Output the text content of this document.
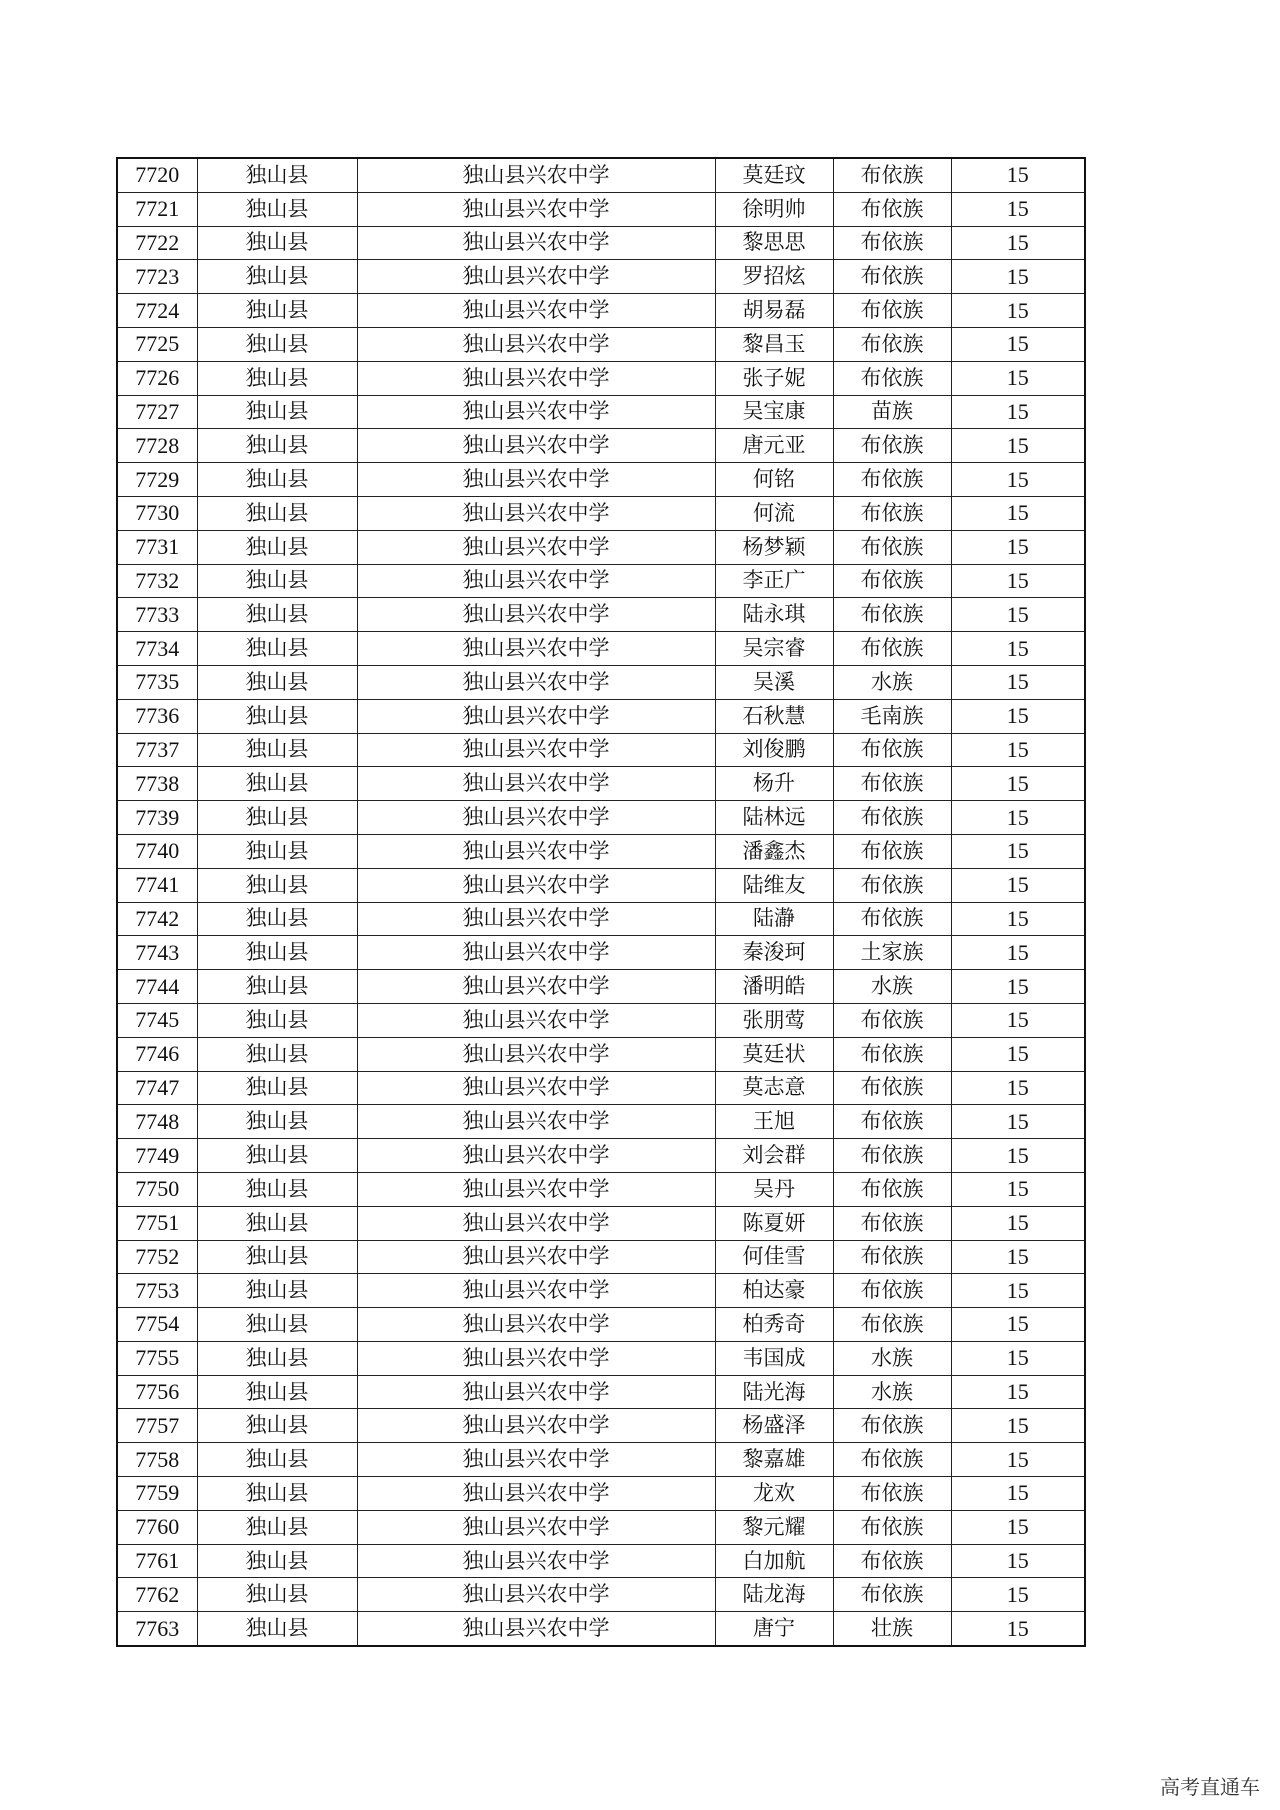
7720	独山县	独山县兴农中学	莫廷玟	布依族	15
7721	独山县	独山县兴农中学	徐明帅	布依族	15
7722	独山县	独山县兴农中学	黎思思	布依族	15
7723	独山县	独山县兴农中学	罗招炫	布依族	15
7724	独山县	独山县兴农中学	胡易磊	布依族	15
7725	独山县	独山县兴农中学	黎昌玉	布依族	15
7726	独山县	独山县兴农中学	张子妮	布依族	15
7727	独山县	独山县兴农中学	吴宝康	苗族	15
7728	独山县	独山县兴农中学	唐元亚	布依族	15
7729	独山县	独山县兴农中学	何铭	布依族	15
7730	独山县	独山县兴农中学	何流	布依族	15
7731	独山县	独山县兴农中学	杨梦颖	布依族	15
7732	独山县	独山县兴农中学	李正广	布依族	15
7733	独山县	独山县兴农中学	陆永琪	布依族	15
7734	独山县	独山县兴农中学	吴宗睿	布依族	15
7735	独山县	独山县兴农中学	吴溪	水族	15
7736	独山县	独山县兴农中学	石秋慧	毛南族	15
7737	独山县	独山县兴农中学	刘俊鹏	布依族	15
7738	独山县	独山县兴农中学	杨升	布依族	15
7739	独山县	独山县兴农中学	陆林远	布依族	15
7740	独山县	独山县兴农中学	潘鑫杰	布依族	15
7741	独山县	独山县兴农中学	陆维友	布依族	15
7742	独山县	独山县兴农中学	陆瀞	布依族	15
7743	独山县	独山县兴农中学	秦浚珂	土家族	15
7744	独山县	独山县兴农中学	潘明皓	水族	15
7745	独山县	独山县兴农中学	张朋莺	布依族	15
7746	独山县	独山县兴农中学	莫廷状	布依族	15
7747	独山县	独山县兴农中学	莫志意	布依族	15
7748	独山县	独山县兴农中学	王旭	布依族	15
7749	独山县	独山县兴农中学	刘会群	布依族	15
7750	独山县	独山县兴农中学	吴丹	布依族	15
7751	独山县	独山县兴农中学	陈夏妍	布依族	15
7752	独山县	独山县兴农中学	何佳雪	布依族	15
7753	独山县	独山县兴农中学	柏达豪	布依族	15
7754	独山县	独山县兴农中学	柏秀奇	布依族	15
7755	独山县	独山县兴农中学	韦国成	水族	15
7756	独山县	独山县兴农中学	陆光海	水族	15
7757	独山县	独山县兴农中学	杨盛泽	布依族	15
7758	独山县	独山县兴农中学	黎嘉雄	布依族	15
7759	独山县	独山县兴农中学	龙欢	布依族	15
7760	独山县	独山县兴农中学	黎元耀	布依族	15
7761	独山县	独山县兴农中学	白加航	布依族	15
7762	独山县	独山县兴农中学	陆龙海	布依族	15
7763	独山县	独山县兴农中学	唐宁	壮族	15
高考直通车
